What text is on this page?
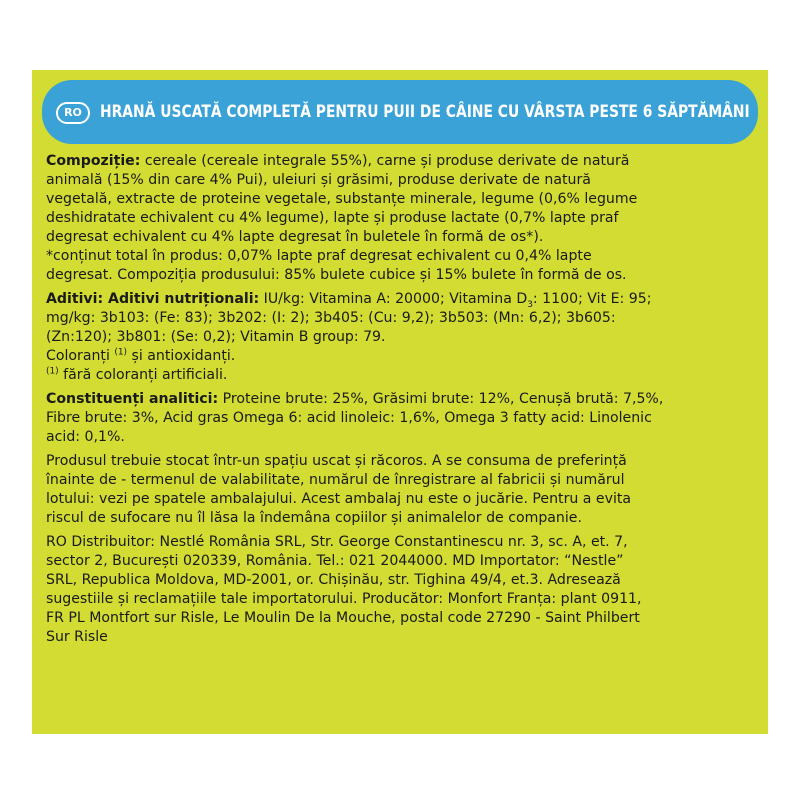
RO	HRANĂ USCATĂ COMPLETĂ PENTRU PUII DE CÂINE CU VÂRSTA PESTE 6 SĂPTĂMÂNI
Compoziție: cereale (cereale integrale 55%), carne și produse derivate de natură
animală (15% din care 4% Pui), uleiuri și grăsimi, produse derivate de natură
vegetală, extracte de proteine vegetale, substanțe minerale, legume (0,6% legume
deshidratate echivalent cu 4% legume), lapte și produse lactate (0,7% lapte praf
degresat echivalent cu 4% lapte degresat în buletele în formă de os*).
*conținut total în produs: 0,07% lapte praf degresat echivalent cu 0,4% lapte
degresat. Compoziția produsului: 85% bulete cubice și 15% bulete în formă de os.

Aditivi: Aditivi nutriționali: IU/kg: Vitamina A: 20000; Vitamina $D_3$: 1100; Vit E: 95;
mg/kg: 3b103: (Fe: 83); 3b202: (I: 2); 3b405: (Cu: 9,2); 3b503: (Mn: 6,2); 3b605:
(Zn:120); 3b801: (Se: 0,2); Vitamin B group: 79.
Coloranți $^{(1)}$ și antioxidanți.
$^{(1)}$ fără coloranți artificiali.

Constituenți analitici: Proteine brute: 25%, Grăsimi brute: 12%, Cenușă brută: 7,5%,
Fibre brute: 3%, Acid gras Omega 6: acid linoleic: 1,6%, Omega 3 fatty acid: Linolenic
acid: 0,1%.

Produsul trebuie stocat într-un spațiu uscat și răcoros. A se consuma de preferință
înainte de - termenul de valabilitate, numărul de înregistrare al fabricii și numărul
lotului: vezi pe spatele ambalajului. Acest ambalaj nu este o jucărie. Pentru a evita
riscul de sufocare nu îl lăsa la îndemâna copiilor și animalelor de companie.

RO Distribuitor: Nestlé România SRL, Str. George Constantinescu nr. 3, sc. A, et. 7,
sector 2, București 020339, România. Tel.: 021 2044000. MD Importator: “Nestle”
SRL, Republica Moldova, MD-2001, or. Chișinău, str. Tighina 49/4, et.3. Adresează
sugestiile și reclamațiile tale importatorului. Producător: Monfort Franța: plant 0911,
FR PL Montfort sur Risle, Le Moulin De la Mouche, postal code 27290 - Saint Philbert
Sur Risle
